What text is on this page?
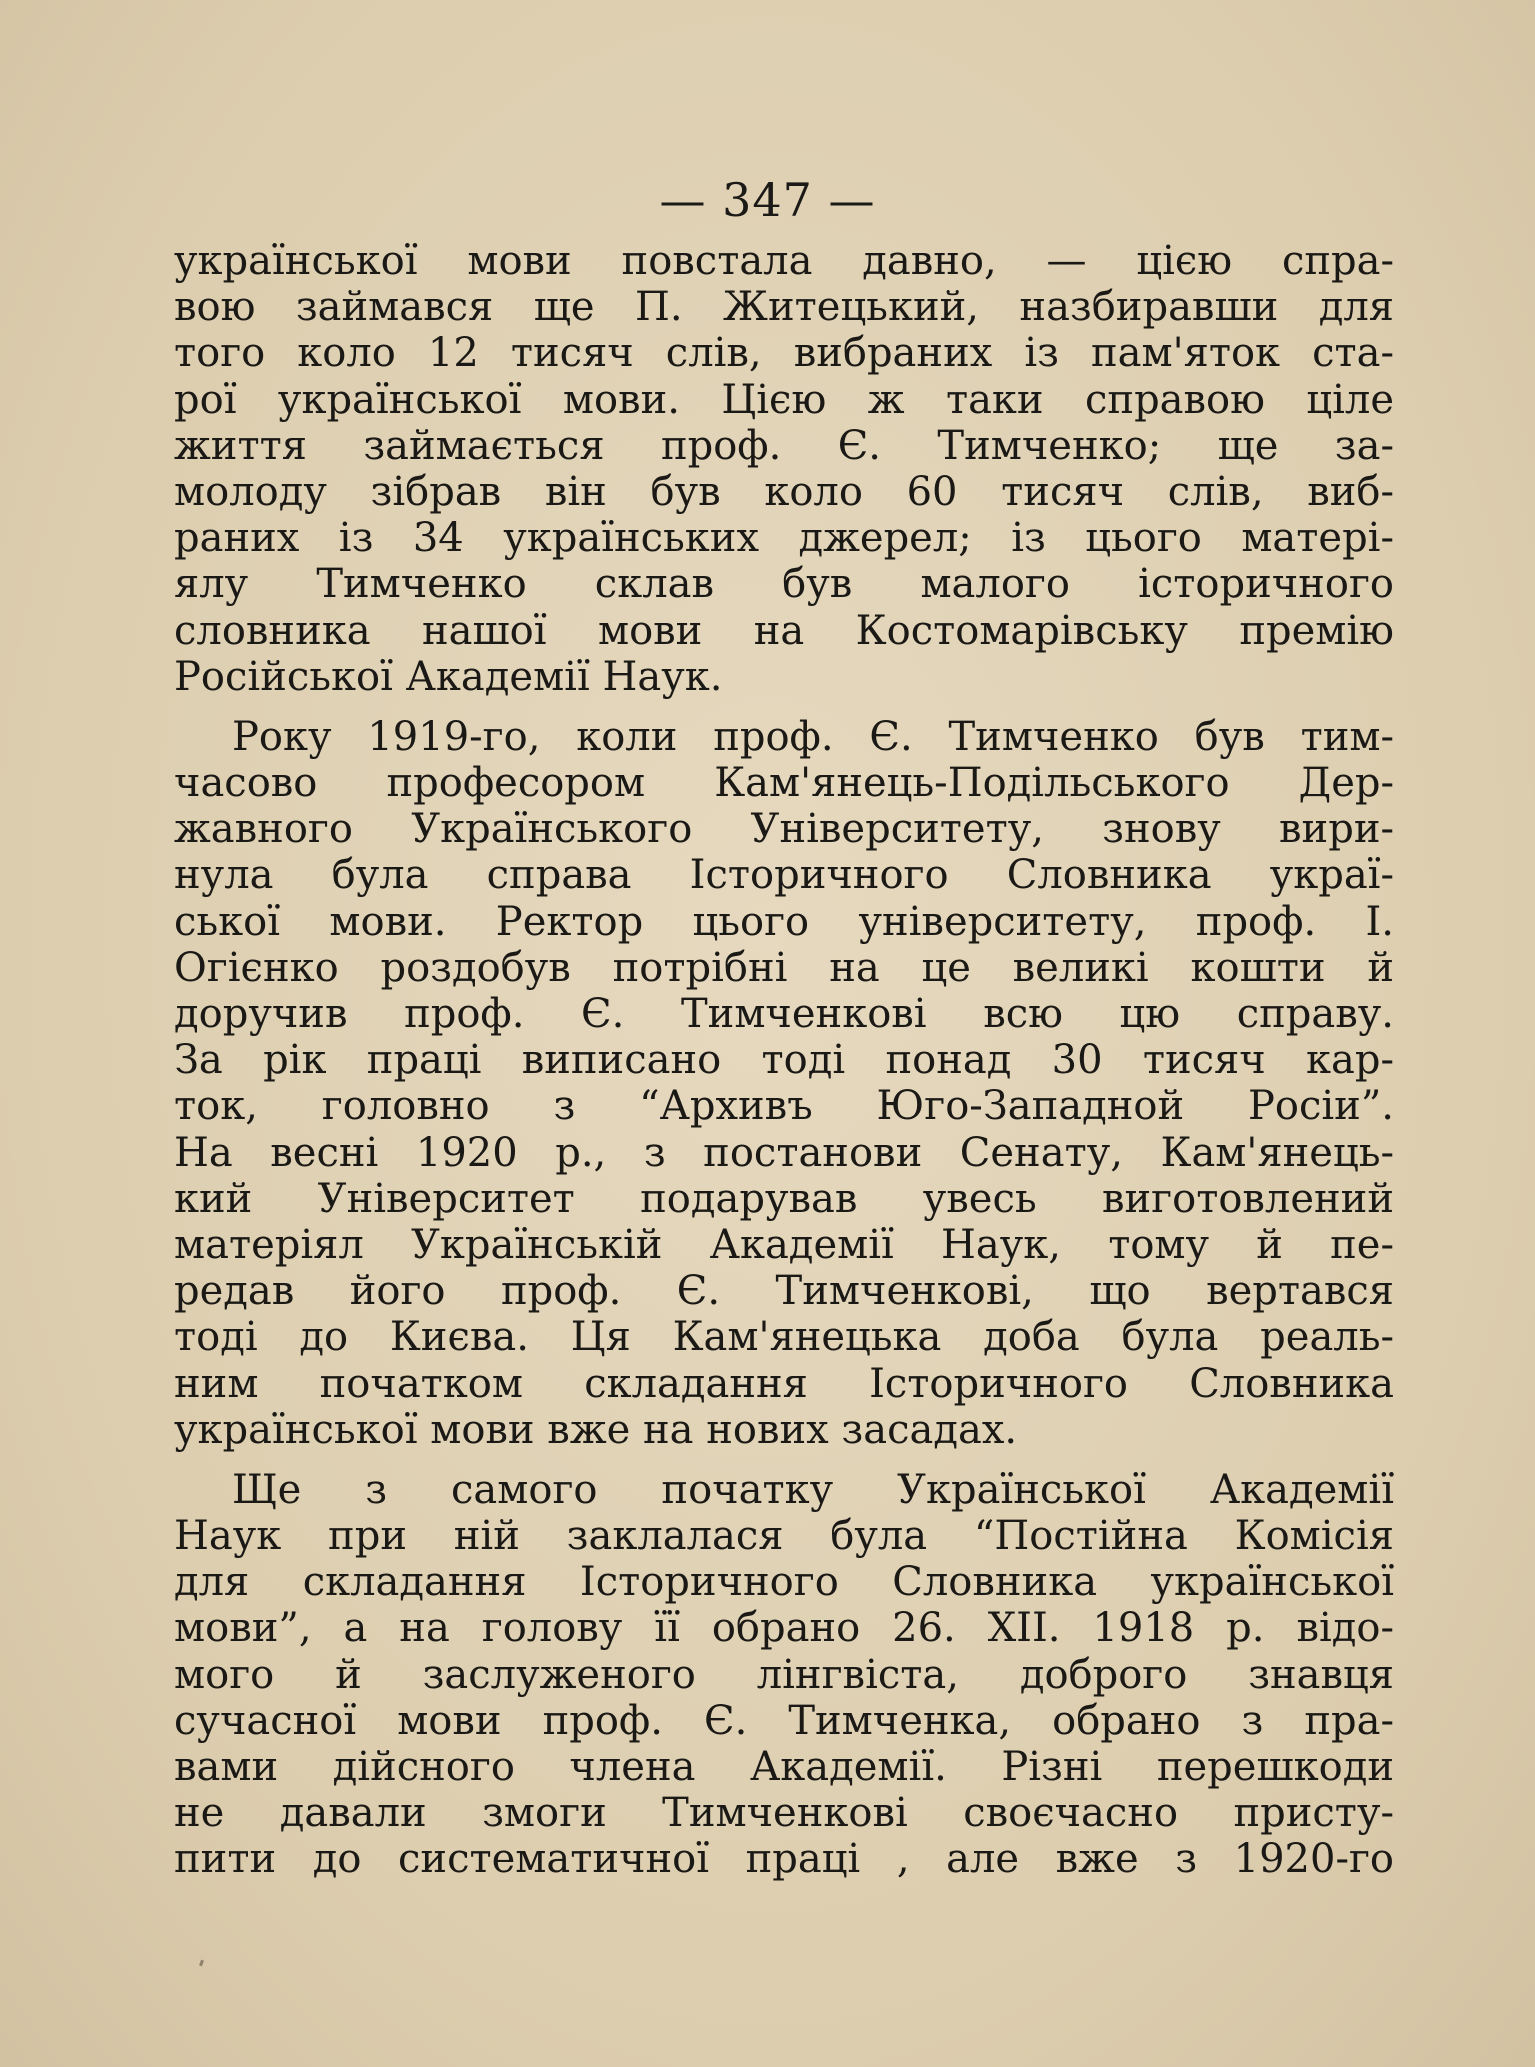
— 347 —
української мови повстала давно, — цією спра-
вою займався ще П. Житецький, назбиравши для
того коло 12 тисяч слів, вибраних із пам'яток ста-
рої української мови. Цією ж таки справою ціле
життя займається проф. Є. Тимченко; ще за-
молоду зібрав він був коло 60 тисяч слів, виб-
раних із 34 українських джерел; із цього матері-
ялу Тимченко склав був малого історичного
словника нашої мови на Костомарівську премію
Російської Академії Наук.
Року 1919-го, коли проф. Є. Тимченко був тим-
часово професором Кам'янець-Подільського Дер-
жавного Українського Університету, знову вири-
нула була справа Історичного Словника украї-
ської мови. Ректор цього університету, проф. І.
Огієнко роздобув потрібні на це великі кошти й
доручив проф. Є. Тимченкові всю цю справу.
За рік праці виписано тоді понад 30 тисяч кар-
ток, головно з “Архивъ Юго-Западной Росіи”.
На весні 1920 р., з постанови Сенату, Кам'янець-
кий Університет подарував увесь виготовлений
матеріял Українській Академії Наук, тому й пе-
редав його проф. Є. Тимченкові, що вертався
тоді до Києва. Ця Кам'янецька доба була реаль-
ним початком складання Історичного Словника
української мови вже на нових засадах.
Ще з самого початку Української Академії
Наук при ній заклалася була “Постійна Комісія
для складання Історичного Словника української
мови”, а на голову її обрано 26. XII. 1918 р. відо-
мого й заслуженого лінгвіста, доброго знавця
сучасної мови проф. Є. Тимченка, обрано з пра-
вами дійсного члена Академії. Різні перешкоди
не давали змоги Тимченкові своєчасно присту-
пити до систематичної праці , але вже з 1920-го
